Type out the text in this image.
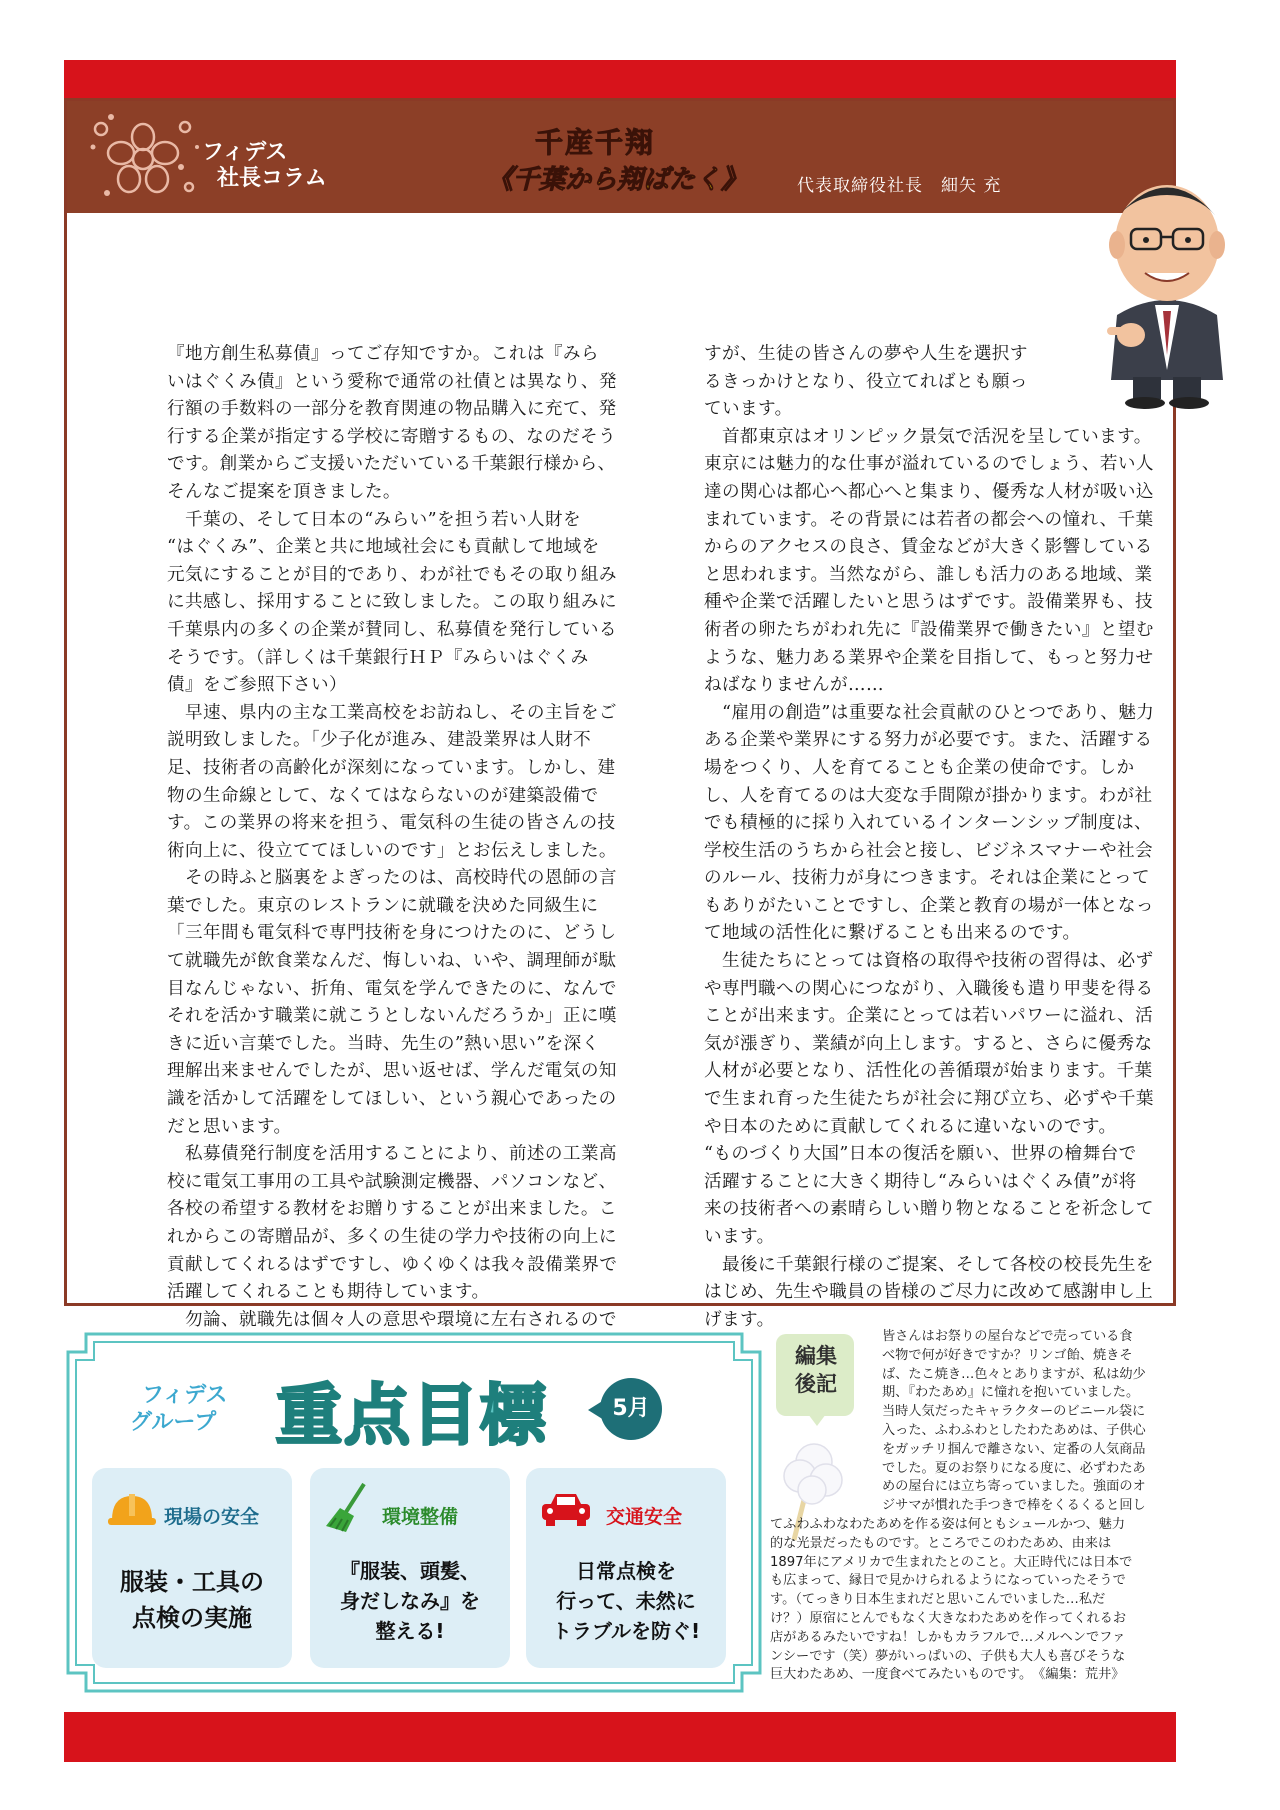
フィデス
社長コラム
千産千翔
《千葉から翔ばたく》	代表取締役社長　細矢 充

『地方創生私募債』ってご存知ですか。これは『みら

いはぐくみ債』という愛称で通常の社債とは異なり、発

行額の手数料の一部分を教育関連の物品購入に充て、発

行する企業が指定する学校に寄贈するもの、なのだそう

です。創業からご支援いただいている千葉銀行様から、

そんなご提案を頂きました。

　千葉の、そして日本の“みらい”を担う若い人財を

“はぐくみ”、企業と共に地域社会にも貢献して地域を

元気にすることが目的であり、わが社でもその取り組み

に共感し、採用することに致しました。この取り組みに

千葉県内の多くの企業が賛同し、私募債を発行している

そうです。（詳しくは千葉銀行ＨＰ『みらいはぐくみ

債』をご参照下さい）

　早速、県内の主な工業高校をお訪ねし、その主旨をご

説明致しました。「少子化が進み、建設業界は人財不

足、技術者の高齢化が深刻になっています。しかし、建

物の生命線として、なくてはならないのが建築設備で

す。この業界の将来を担う、電気科の生徒の皆さんの技

術向上に、役立ててほしいのです」とお伝えしました。

　その時ふと脳裏をよぎったのは、高校時代の恩師の言

葉でした。東京のレストランに就職を決めた同級生に

「三年間も電気科で専門技術を身につけたのに、どうし

て就職先が飲食業なんだ、悔しいね、いや、調理師が駄

目なんじゃない、折角、電気を学んできたのに、なんで

それを活かす職業に就こうとしないんだろうか」正に嘆

きに近い言葉でした。当時、先生の”熱い思い”を深く

理解出来ませんでしたが、思い返せば、学んだ電気の知

識を活かして活躍をしてほしい、という親心であったの

だと思います。

　私募債発行制度を活用することにより、前述の工業高

校に電気工事用の工具や試験測定機器、パソコンなど、

各校の希望する教材をお贈りすることが出来ました。こ

れからこの寄贈品が、多くの生徒の学力や技術の向上に

貢献してくれるはずですし、ゆくゆくは我々設備業界で

活躍してくれることも期待しています。

　勿論、就職先は個々人の意思や環境に左右されるので

すが、生徒の皆さんの夢や人生を選択す

るきっかけとなり、役立てればとも願っ

ています。

　首都東京はオリンピック景気で活況を呈しています。

東京には魅力的な仕事が溢れているのでしょう、若い人

達の関心は都心へ都心へと集まり、優秀な人材が吸い込

まれています。その背景には若者の都会への憧れ、千葉

からのアクセスの良さ、賃金などが大きく影響している

と思われます。当然ながら、誰しも活力のある地域、業

種や企業で活躍したいと思うはずです。設備業界も、技

術者の卵たちがわれ先に『設備業界で働きたい』と望む

ような、魅力ある業界や企業を目指して、もっと努力せ

ねばなりませんが……

　“雇用の創造”は重要な社会貢献のひとつであり、魅力

ある企業や業界にする努力が必要です。また、活躍する

場をつくり、人を育てることも企業の使命です。しか

し、人を育てるのは大変な手間隙が掛かります。わが社

でも積極的に採り入れているインターンシップ制度は、

学校生活のうちから社会と接し、ビジネスマナーや社会

のルール、技術力が身につきます。それは企業にとって

もありがたいことですし、企業と教育の場が一体となっ

て地域の活性化に繋げることも出来るのです。

　生徒たちにとっては資格の取得や技術の習得は、必ず

や専門職への関心につながり、入職後も遣り甲斐を得る

ことが出来ます。企業にとっては若いパワーに溢れ、活

気が漲ぎり、業績が向上します。すると、さらに優秀な

人材が必要となり、活性化の善循環が始まります。千葉

で生まれ育った生徒たちが社会に翔び立ち、必ずや千葉

や日本のために貢献してくれるに違いないのです。

“ものづくり大国”日本の復活を願い、世界の檜舞台で

活躍することに大きく期待し“みらいはぐくみ債”が将

来の技術者への素晴らしい贈り物となることを祈念して

います。

　最後に千葉銀行様のご提案、そして各校の校長先生を

はじめ、先生や職員の皆様のご尽力に改めて感謝申し上

げます。

フィデス
グループ 重点目標	5月
現場の安全

服装・工具の

点検の実施

環境整備

『服装、頭髪、

身だしなみ』を

整える!

交通安全

日常点検を

行って、未然に

トラブルを防ぐ!

編集
後記

皆さんはお祭りの屋台などで売っている食

べ物で何が好きですか？リンゴ飴、焼きそ

ば、たこ焼き…色々とありますが、私は幼少

期、『わたあめ』に憧れを抱いていました。

当時人気だったキャラクターのビニール袋に

入った、ふわふわとしたわたあめは、子供心

をガッチリ掴んで離さない、定番の人気商品

でした。夏のお祭りになる度に、必ずわたあ

めの屋台には立ち寄っていました。強面のオ

ジサマが慣れた手つきで棒をくるくると回し

てふわふわなわたあめを作る姿は何ともシュールかつ、魅力

的な光景だったものです。ところでこのわたあめ、由来は

1897年にアメリカで生まれたとのこと。大正時代には日本で

も広まって、縁日で見かけられるようになっていったそうで

す。（てっきり日本生まれだと思いこんでいました…私だ

け？）原宿にとんでもなく大きなわたあめを作ってくれるお

店があるみたいですね！しかもカラフルで…メルヘンでファ

ンシーです（笑）夢がいっぱいの、子供も大人も喜びそうな

巨大わたあめ、一度食べてみたいものです。　《編集：荒井》
